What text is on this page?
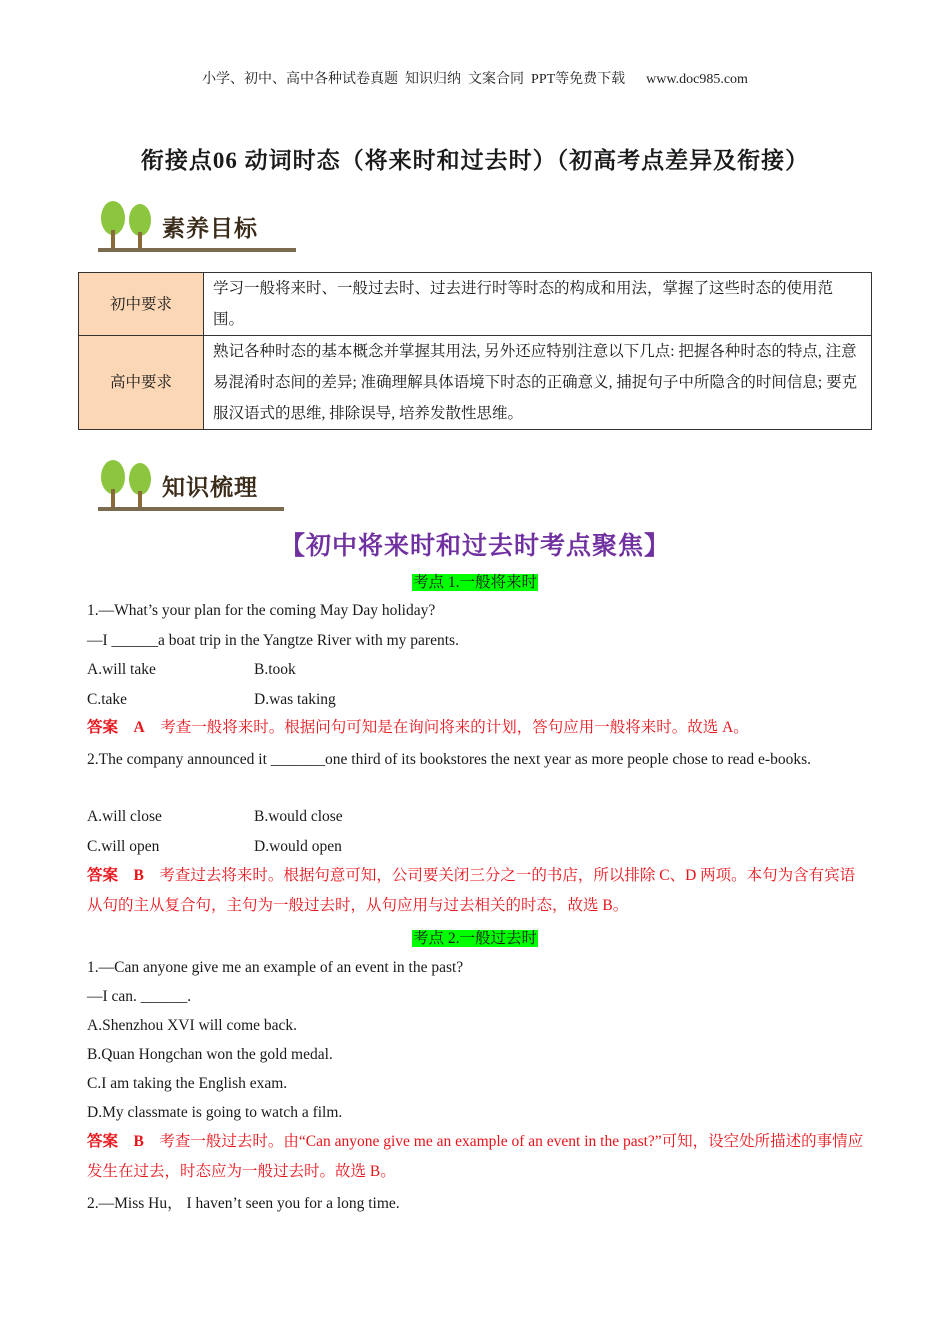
小学、初中、高中各种试卷真题  知识归纳  文案合同  PPT等免费下载      www.doc985.com
衔接点06 动词时态（将来时和过去时）（初高考点差异及衔接）
素养目标
初中要求	学习一般将来时、一般过去时、过去进行时等时态的构成和用法，掌握了这些时态的使用范围。
高中要求	熟记各种时态的基本概念并掌握其用法, 另外还应特别注意以下几点: 把握各种时态的特点, 注意易混淆时态间的差异; 准确理解具体语境下时态的正确意义, 捕捉句子中所隐含的时间信息; 要克服汉语式的思维, 排除误导, 培养发散性思维。
知识梳理
【初中将来时和过去时考点聚焦】
考点 1.一般将来时
1.—What’s your plan for the coming May Day holiday?
—I ______a boat trip in the Yangtze River with my parents.
A.will take	B.took
C.take	D.was taking
答案 A 考查一般将来时。根据问句可知是在询问将来的计划，答句应用一般将来时。故选 A。
2.The company announced it _______one third of its bookstores the next year as more people chose to read e-books.
A.will close	B.would close
C.will open	D.would open
答案 B 考查过去将来时。根据句意可知，公司要关闭三分之一的书店，所以排除 C、D 两项。本句为含有宾语从句的主从复合句，主句为一般过去时，从句应用与过去相关的时态，故选 B。
考点 2.一般过去时
1.—Can anyone give me an example of an event in the past?
—I can. ______.
A.Shenzhou XVI will come back.
B.Quan Hongchan won the gold medal.
C.I am taking the English exam.
D.My classmate is going to watch a film.
答案 B 考查一般过去时。由“Can anyone give me an example of an event in the past?”可知，设空处所描述的事情应发生在过去，时态应为一般过去时。故选 B。
2.—Miss Hu， I haven’t seen you for a long time.
